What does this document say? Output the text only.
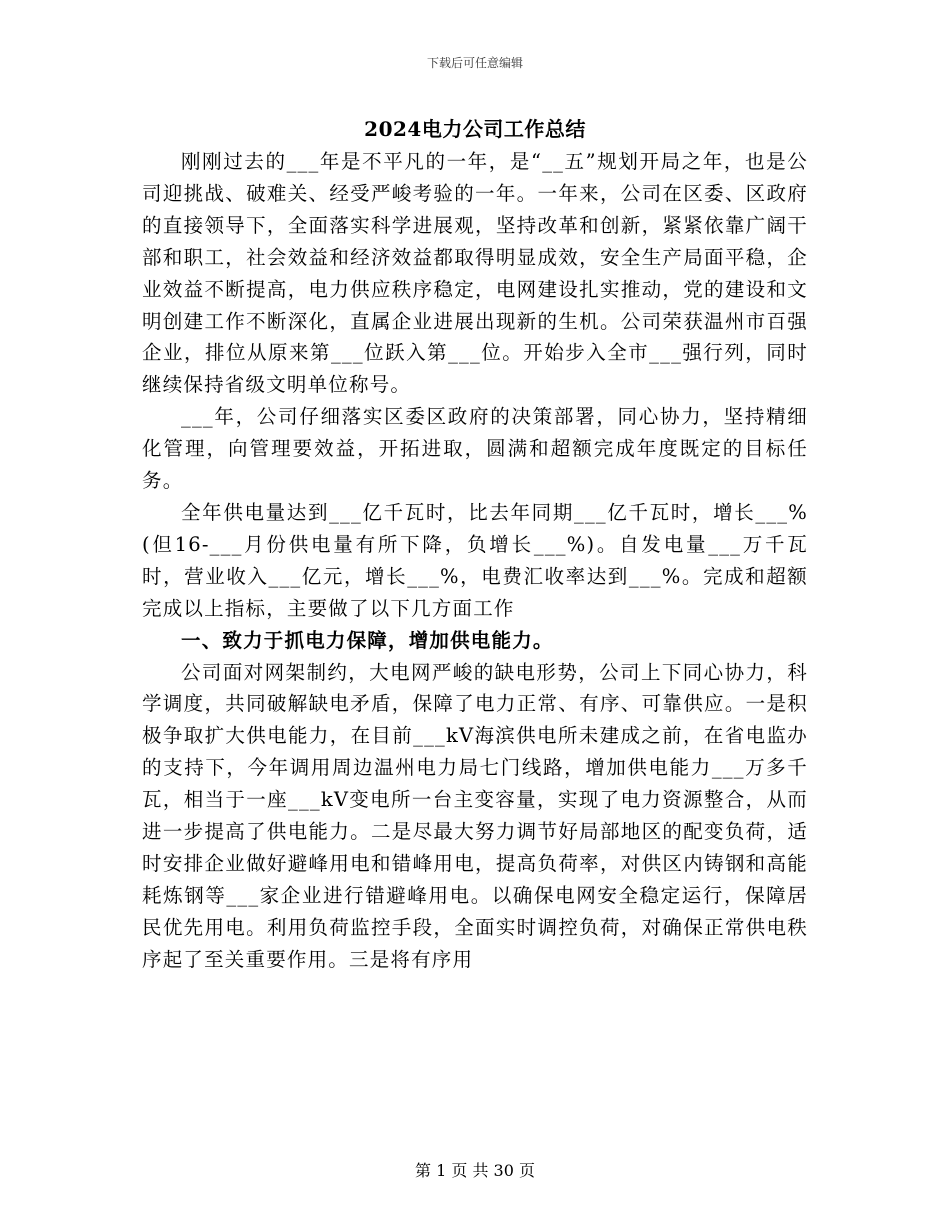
下载后可任意编辑
2024电力公司工作总结

刚刚过去的___年是不平凡的一年，是“__五”规划开局之年，也是公司迎挑战、破难关、经受严峻考验的一年。一年来，公司在区委、区政府的直接领导下，全面落实科学进展观，坚持改革和创新，紧紧依靠广阔干部和职工，社会效益和经济效益都取得明显成效，安全生产局面平稳，企业效益不断提高，电力供应秩序稳定，电网建设扎实推动，党的建设和文明创建工作不断深化，直属企业进展出现新的生机。公司荣获温州市百强企业，排位从原来第___位跃入第___位。开始步入全市___强行列，同时继续保持省级文明单位称号。

___年，公司仔细落实区委区政府的决策部署，同心协力，坚持精细化管理，向管理要效益，开拓进取，圆满和超额完成年度既定的目标任务。

全年供电量达到___亿千瓦时，比去年同期___亿千瓦时，增长___%(但16-___月份供电量有所下降，负增长___%)。自发电量___万千瓦时，营业收入___亿元，增长___%，电费汇收率达到___%。完成和超额完成以上指标，主要做了以下几方面工作

一、致力于抓电力保障，增加供电能力。

公司面对网架制约，大电网严峻的缺电形势，公司上下同心协力，科学调度，共同破解缺电矛盾，保障了电力正常、有序、可靠供应。一是积极争取扩大供电能力，在目前___kV海滨供电所未建成之前，在省电监办的支持下，今年调用周边温州电力局七门线路，增加供电能力___万多千瓦，相当于一座___kV变电所一台主变容量，实现了电力资源整合，从而进一步提高了供电能力。二是尽最大努力调节好局部地区的配变负荷，适时安排企业做好避峰用电和错峰用电，提高负荷率，对供区内铸钢和高能耗炼钢等___家企业进行错避峰用电。以确保电网安全稳定运行，保障居民优先用电。利用负荷监控手段，全面实时调控负荷，对确保正常供电秩序起了至关重要作用。三是将有序用

第 1 页 共 30 页
